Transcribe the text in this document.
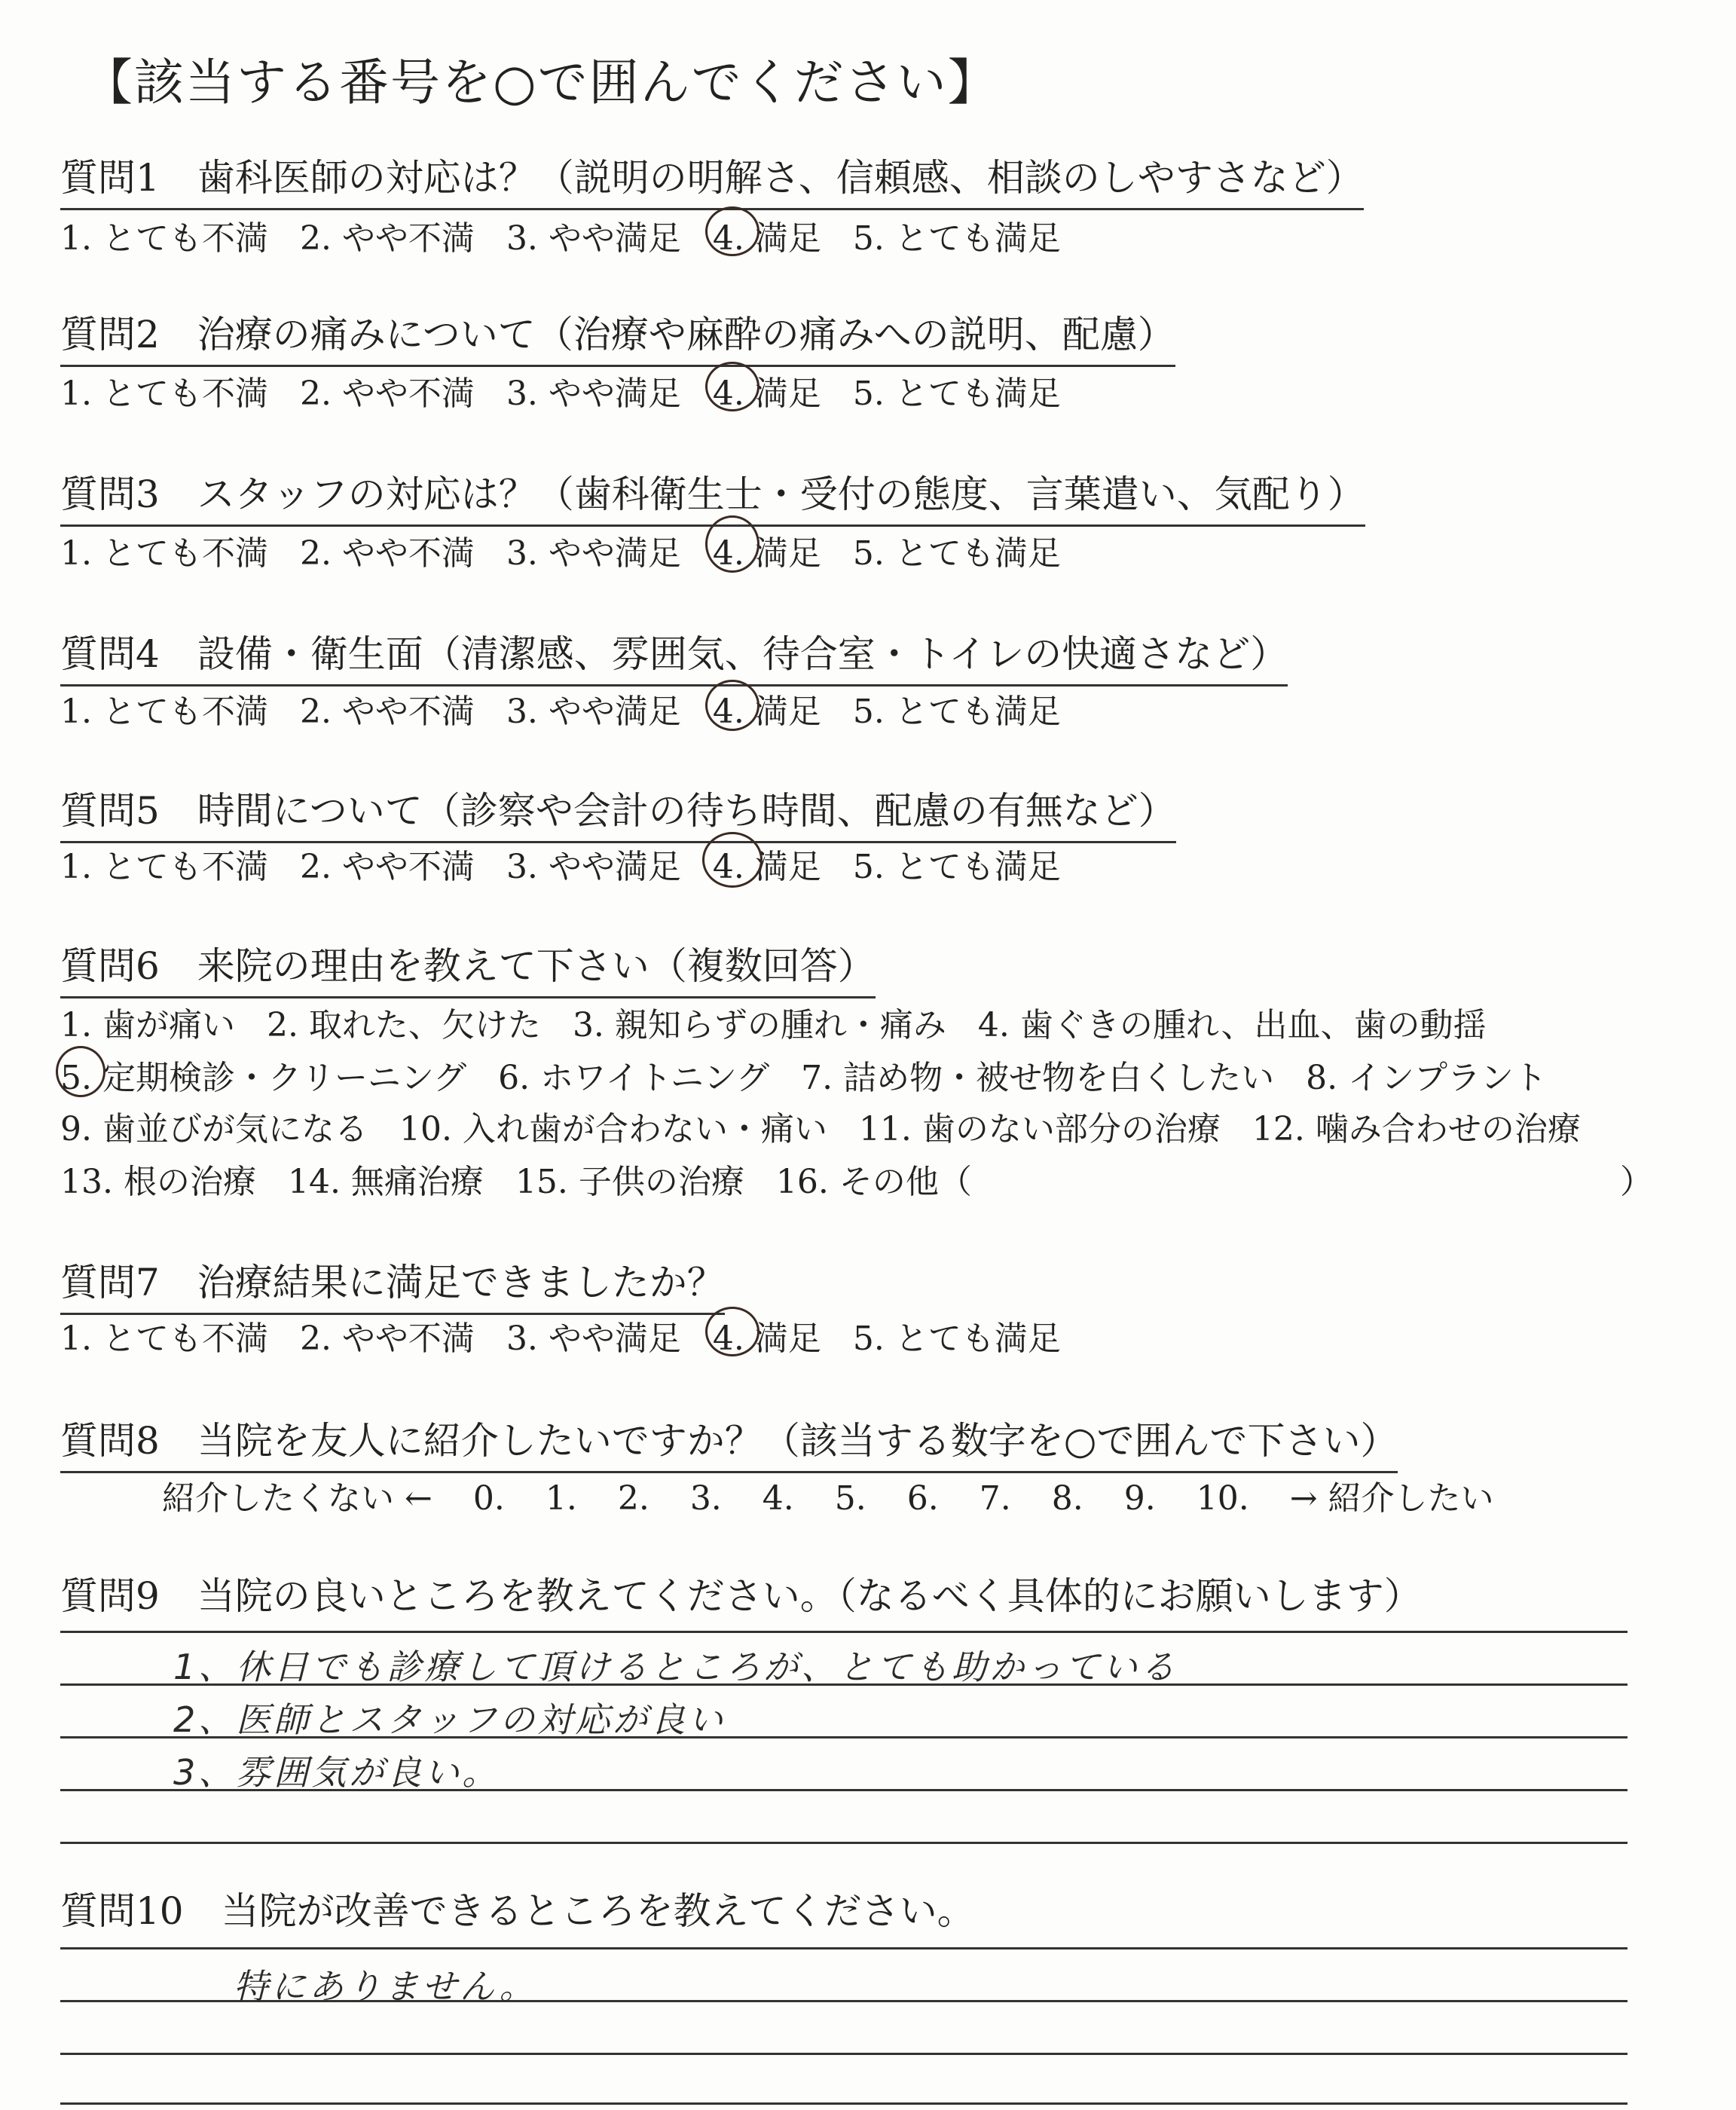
【該当する番号を○で囲んでください】
質問1　歯科医師の対応は？（説明の明解さ、信頼感、相談のしやすさなど）
1. とても不満 2. やや不満 3. やや満足 4. 満足 5. とても満足
質問2　治療の痛みについて（治療や麻酔の痛みへの説明、配慮）
1. とても不満 2. やや不満 3. やや満足 4. 満足 5. とても満足
質問3　スタッフの対応は？（歯科衛生士・受付の態度、言葉遣い、気配り）
1. とても不満 2. やや不満 3. やや満足 4. 満足 5. とても満足
質問4　設備・衛生面（清潔感、雰囲気、待合室・トイレの快適さなど）
1. とても不満 2. やや不満 3. やや満足 4. 満足 5. とても満足
質問5　時間について（診察や会計の待ち時間、配慮の有無など）
1. とても不満 2. やや不満 3. やや満足 4. 満足 5. とても満足
質問6　来院の理由を教えて下さい（複数回答）
1. 歯が痛い 2. 取れた、欠けた 3. 親知らずの腫れ・痛み 4. 歯ぐきの腫れ、出血、歯の動揺
5. 定期検診・クリーニング 6. ホワイトニング 7. 詰め物・被せ物を白くしたい 8. インプラント
9. 歯並びが気になる 10. 入れ歯が合わない・痛い 11. 歯のない部分の治療 12. 噛み合わせの治療
13. 根の治療 14. 無痛治療 15. 子供の治療 16. その他（	）
質問7　治療結果に満足できましたか？
1. とても不満 2. やや不満 3. やや満足 4. 満足 5. とても満足
質問8　当院を友人に紹介したいですか？（該当する数字を○で囲んで下さい）
紹介したくない ← 0. 1. 2. 3. 4. 5. 6. 7. 8. 9. 10. → 紹介したい
質問9　当院の良いところを教えてください。（なるべく具体的にお願いします）
1、休日でも診療して頂けるところが、とても助かっている
2、医師とスタッフの対応が良い
3、雰囲気が良い。
質問10　当院が改善できるところを教えてください。
特にありません。
